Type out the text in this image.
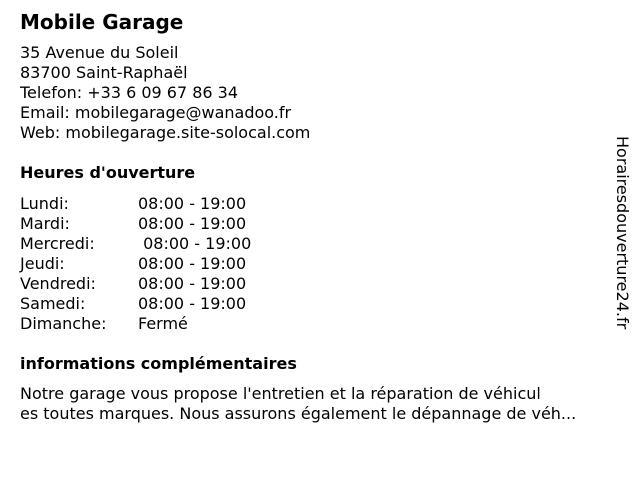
Mobile Garage
35 Avenue du Soleil
83700 Saint-Raphaël
Telefon: +33 6 09 67 86 34
Email: mobilegarage@wanadoo.fr
Web: mobilegarage.site-solocal.com
Heures d'ouverture
Lundi:	08:00 - 19:00
Mardi:	08:00 - 19:00
Mercredi:	08:00 - 19:00
Jeudi:	08:00 - 19:00
Vendredi:	08:00 - 19:00
Samedi:	08:00 - 19:00
Dimanche: Fermé
informations complémentaires
Notre garage vous propose l'entretien et la réparation de véhicul
es toutes marques. Nous assurons également le dépannage de véh...
Horairesdouverture24.fr
